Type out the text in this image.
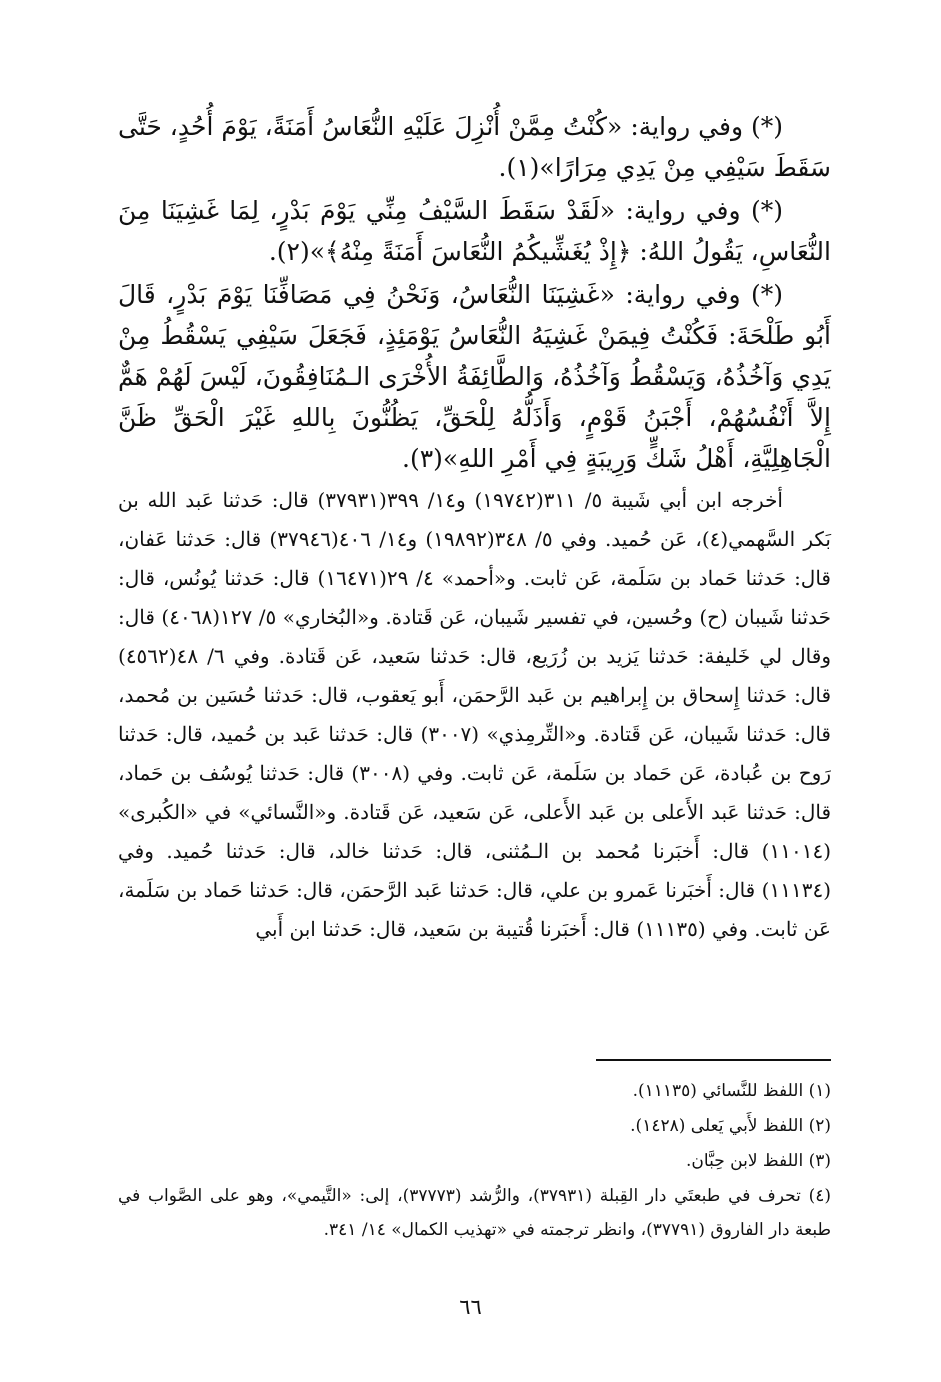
(*) وفي رواية: «كُنْتُ مِمَّنْ أُنْزِلَ عَلَيْهِ النُّعَاسُ أَمَنَةً، يَوْمَ أُحُدٍ، حَتَّى سَقَطَ سَيْفِي مِنْ يَدِي مِرَارًا»(١).

(*) وفي رواية: «لَقَدْ سَقَطَ السَّيْفُ مِنِّي يَوْمَ بَدْرٍ، لِمَا غَشِيَنَا مِنَ النُّعَاسِ، يَقُولُ اللهُ: ﴿إِذْ يُغَشِّيكُمُ النُّعَاسَ أَمَنَةً مِنْهُ﴾»(٢).

(*) وفي رواية: «غَشِيَنَا النُّعَاسُ، وَنَحْنُ فِي مَصَافِّنَا يَوْمَ بَدْرٍ، قَالَ أَبُو طَلْحَةَ: فَكُنْتُ فِيمَنْ غَشِيَهُ النُّعَاسُ يَوْمَئِذٍ، فَجَعَلَ سَيْفِي يَسْقُطُ مِنْ يَدِي وَآخُذُهُ، وَيَسْقُطُ وَآخُذُهُ، وَالطَّائِفَةُ الأُخْرَى الـمُنَافِقُونَ، لَيْسَ لَهُمْ هَمٌّ إِلاَّ أَنْفُسُهُمْ، أَجْبَنُ قَوْمٍ، وَأَذَلُّهُ لِلْحَقِّ، يَظُنُّونَ بِاللهِ غَيْرَ الْحَقِّ ظَنَّ الْجَاهِلِيَّةِ، أَهْلُ شَكٍّ وَرِيبَةٍ فِي أَمْرِ اللهِ»(٣).

أخرجه ابن أبي شَيبة ٥/ ٣١١(١٩٧٤٢) و١٤/ ٣٩٩(٣٧٩٣١) قال: حَدثنا عَبد الله بن بَكر السَّهمي(٤)، عَن حُميد. وفي ٥/ ٣٤٨(١٩٨٩٢) و١٤/ ٤٠٦(٣٧٩٤٦) قال: حَدثنا عَفان، قال: حَدثنا حَماد بن سَلَمة، عَن ثابت. و«أحمد» ٤/ ٢٩(١٦٤٧١) قال: حَدثنا يُونُس، قال: حَدثنا شَيبان (ح) وحُسين، في تفسير شَيبان، عَن قَتادة. و«البُخاري» ٥/ ١٢٧(٤٠٦٨) قال: وقال لي خَليفة: حَدثنا يَزيد بن زُرَيع، قال: حَدثنا سَعيد، عَن قَتادة. وفي ٦/ ٤٨(٤٥٦٢) قال: حَدثنا إِسحاق بن إِبراهيم بن عَبد الرَّحمَن، أَبو يَعقوب، قال: حَدثنا حُسَين بن مُحمد، قال: حَدثنا شَيبان، عَن قَتادة. و«التِّرمِذي» (٣٠٠٧) قال: حَدثنا عَبد بن حُميد، قال: حَدثنا رَوح بن عُبادة، عَن حَماد بن سَلَمة، عَن ثابت. وفي (٣٠٠٨) قال: حَدثنا يُوسُف بن حَماد، قال: حَدثنا عَبد الأَعلى بن عَبد الأَعلى، عَن سَعيد، عَن قَتادة. و«النَّسائي» في «الكُبرى» (١١٠١٤) قال: أَخبَرنا مُحمد بن الـمُثنى، قال: حَدثنا خالد، قال: حَدثنا حُميد. وفي (١١١٣٤) قال: أَخبَرنا عَمرو بن علي، قال: حَدثنا عَبد الرَّحمَن، قال: حَدثنا حَماد بن سَلَمة، عَن ثابت. وفي (١١١٣٥) قال: أَخبَرنا قُتيبة بن سَعيد، قال: حَدثنا ابن أَبي

(١) اللفظ للنَّسائي (١١١٣٥).

(٢) اللفظ لأَبي يَعلى (١٤٢٨).

(٣) اللفظ لابن حِبَّان.

(٤) تحرف في طبعتَي دار القِبلة (٣٧٩٣١)، والرُّشد (٣٧٧٧٣)، إلى: «التَّيمي»، وهو على الصَّواب في طبعة دار الفاروق (٣٧٧٩١)، وانظر ترجمته في «تهذيب الكمال» ١٤/ ٣٤١.

٦٦
